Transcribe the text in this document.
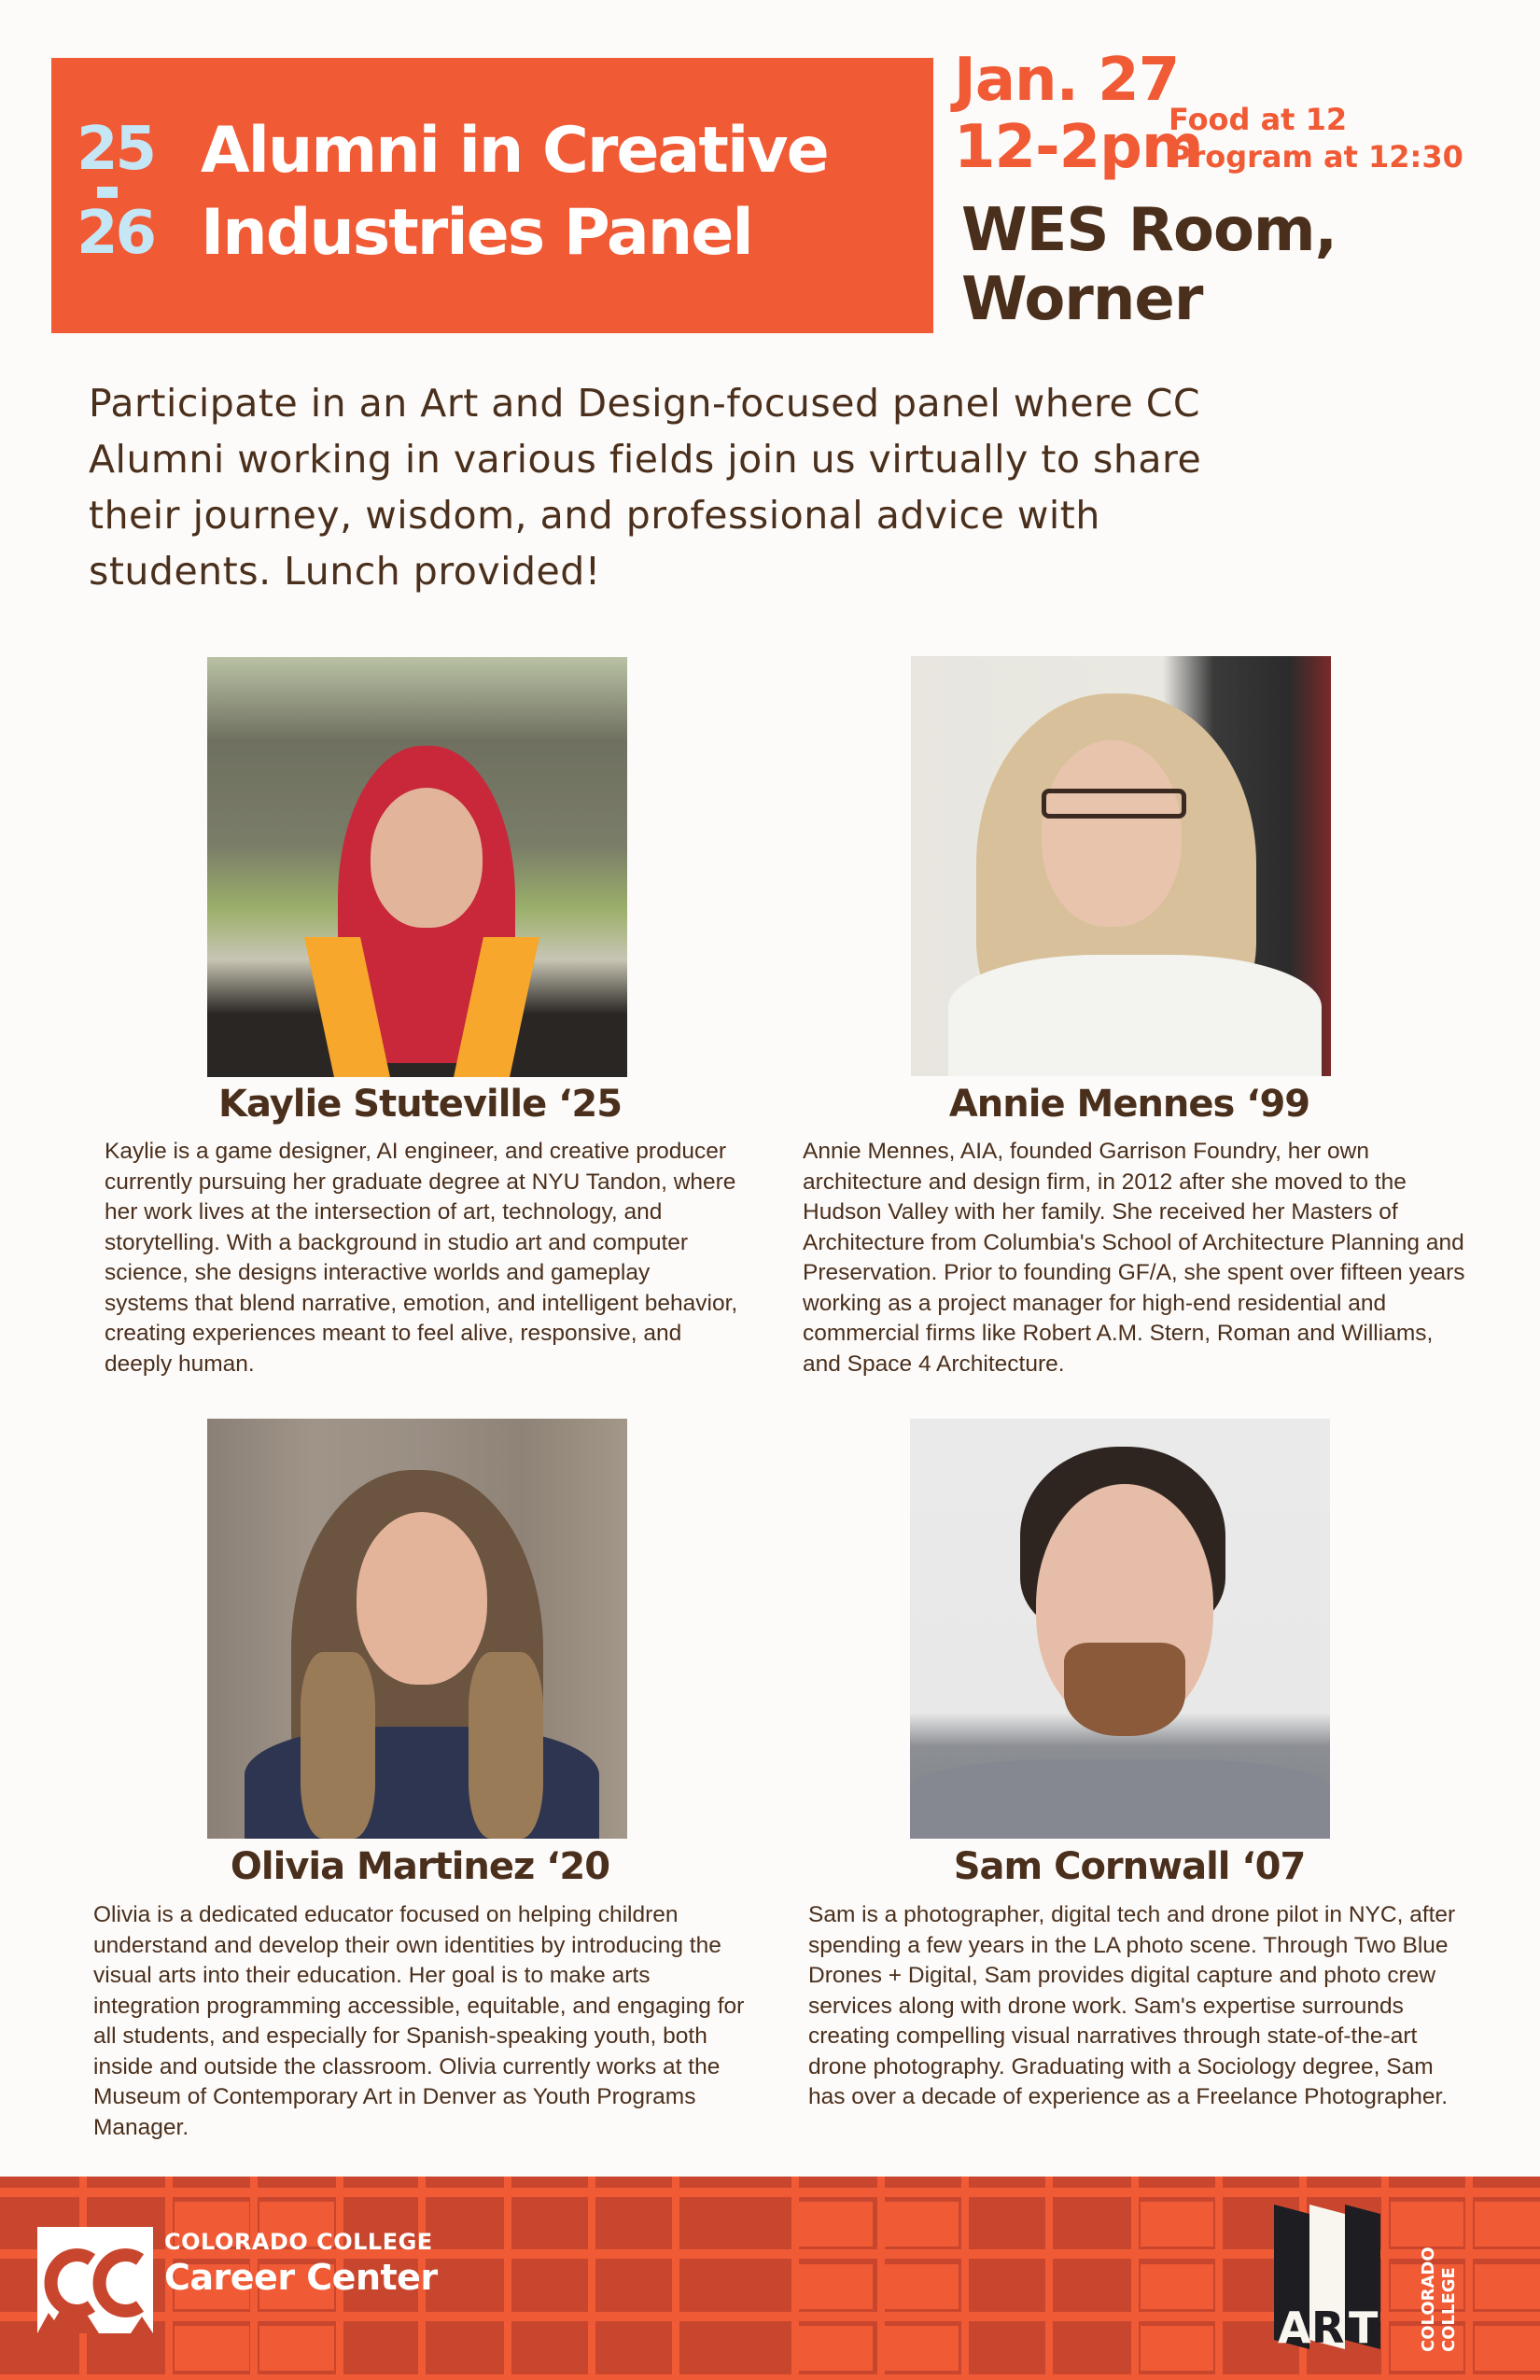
25
26
Alumni in Creative
Industries Panel
Jan. 27
12-2pm
Food at 12
Program at 12:30
WES Room,
Worner
Participate in an Art and Design-focused panel where CC
Alumni working in various fields join us virtually to share
their journey, wisdom, and professional advice with
students. Lunch provided!
Kaylie Stuteville ‘25
Kaylie is a game designer, AI engineer, and creative producer currently pursuing her graduate degree at NYU Tandon, where her work lives at the intersection of art, technology, and storytelling. With a background in studio art and computer science, she designs interactive worlds and gameplay systems that blend narrative, emotion, and intelligent behavior, creating experiences meant to feel alive, responsive, and deeply human.
Annie Mennes ‘99
Annie Mennes, AIA, founded Garrison Foundry, her own architecture and design firm, in 2012 after she moved to the Hudson Valley with her family. She received her Masters of Architecture from Columbia's School of Architecture Planning and Preservation. Prior to founding GF/A, she spent over fifteen years working as a project manager for high-end residential and commercial firms like Robert A.M. Stern, Roman and Williams, and Space 4 Architecture.
Olivia Martinez ‘20
Olivia is a dedicated educator focused on helping children understand and develop their own identities by introducing the visual arts into their education. Her goal is to make arts integration programming accessible, equitable, and engaging for all students, and especially for Spanish-speaking youth, both inside and outside the classroom. Olivia currently works at the Museum of Contemporary Art in Denver as Youth Programs Manager.
Sam Cornwall ‘07
Sam is a photographer, digital tech and drone pilot in NYC, after spending a few years in the LA photo scene. Through Two Blue Drones + Digital, Sam provides digital capture and photo crew services along with drone work. Sam's expertise surrounds creating compelling visual narratives through state-of-the-art drone photography. Graduating with a Sociology degree, Sam has over a decade of experience as a Freelance Photographer.
COLORADO COLLEGE
Career Center
A R T COLORADO COLLEGE
